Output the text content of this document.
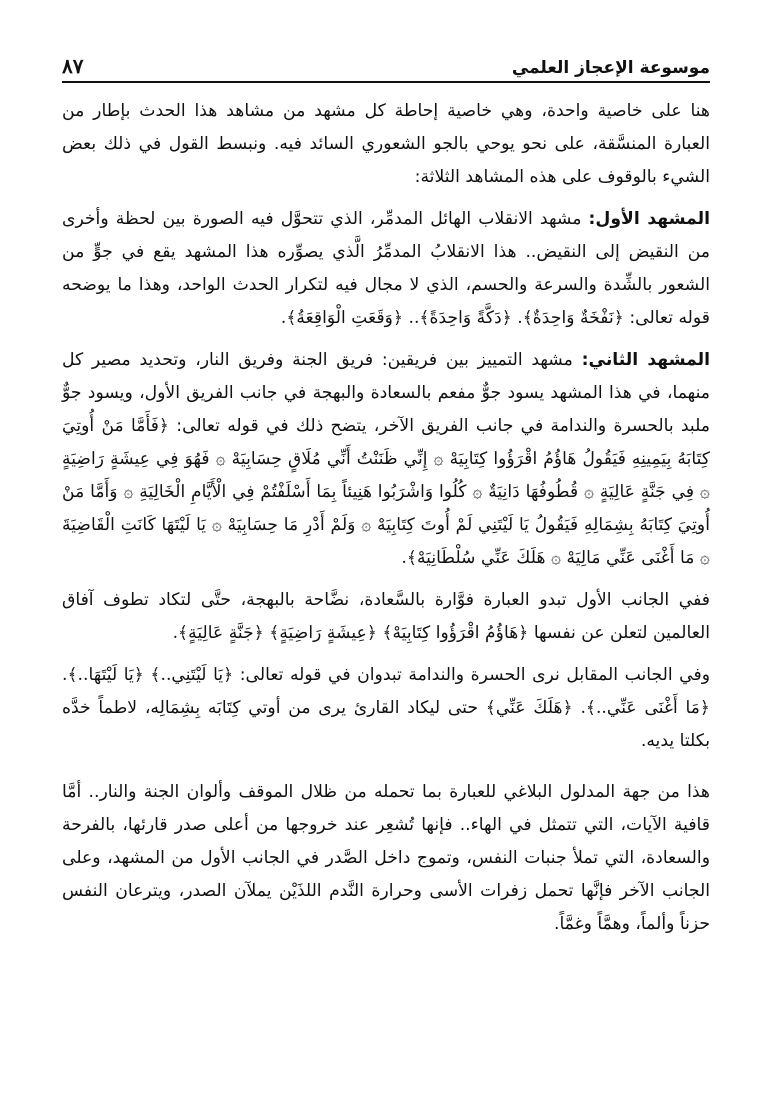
موسوعة الإعجاز العلمي
٨٧

هنا على خاصية واحدة، وهي خاصية إحاطة كل مشهد من مشاهد هذا الحدث بإطار من العبارة المنسَّقة، على نحو يوحي بالجو الشعوري السائد فيه. ونبسط القول في ذلك بعض الشيء بالوقوف على هذه المشاهد الثلاثة:

المشهد الأول: مشهد الانقلاب الهائل المدمِّر، الذي تتحوَّل فيه الصورة بين لحظة وأخرى من النقيض إلى النقيض.. هذا الانقلابُ المدمِّرُ الَّذي يصوِّره هذا المشهد يقع في جوٍّ من الشعور بالشِّدة والسرعة والحسم، الذي لا مجال فيه لتكرار الحدث الواحد، وهذا ما يوضحه قوله تعالى: ﴿نَفْخَةٌ وَاحِدَةٌ﴾. ﴿دَكَّةً وَاحِدَةً﴾.. ﴿وَقَعَتِ الْوَاقِعَةُ﴾.

المشهد الثاني: مشهد التمييز بين فريقين: فريق الجنة وفريق النار، وتحديد مصير كل منهما، في هذا المشهد يسود جوٌّ مفعم بالسعادة والبهجة في جانب الفريق الأول، ويسود جوٌّ ملبد بالحسرة والندامة في جانب الفريق الآخر، يتضح ذلك في قوله تعالى: ﴿فَأَمَّا مَنْ أُوتِيَ كِتَابَهُ بِيَمِينِهِ فَيَقُولُ هَاؤُمُ اقْرَؤُوا كِتَابِيَهْ ۞ إِنِّي ظَنَنْتُ أَنِّي مُلَاقٍ حِسَابِيَهْ ۞ فَهُوَ فِي عِيشَةٍ رَاضِيَةٍ ۞ فِي جَنَّةٍ عَالِيَةٍ ۞ قُطُوفُهَا دَانِيَةٌ ۞ كُلُوا وَاشْرَبُوا هَنِيئاً بِمَا أَسْلَفْتُمْ فِي الْأَيَّامِ الْخَالِيَةِ ۞ وَأَمَّا مَنْ أُوتِيَ كِتَابَهُ بِشِمَالِهِ فَيَقُولُ يَا لَيْتَنِي لَمْ أُوتَ كِتَابِيَهْ ۞ وَلَمْ أَدْرِ مَا حِسَابِيَهْ ۞ يَا لَيْتَهَا كَانَتِ الْقَاضِيَةَ ۞ مَا أَغْنَى عَنِّي مَالِيَهْ ۞ هَلَكَ عَنِّي سُلْطَانِيَهْ﴾.

ففي الجانب الأول تبدو العبارة فوَّارة بالسَّعادة، نضَّاحة بالبهجة، حتَّى لتكاد تطوف آفاق العالمين لتعلن عن نفسها ﴿هَاؤُمُ اقْرَؤُوا كِتَابِيَهْ﴾ ﴿عِيشَةٍ رَاضِيَةٍ﴾ ﴿جَنَّةٍ عَالِيَةٍ﴾.

وفي الجانب المقابل نرى الحسرة والندامة تبدوان في قوله تعالى: ﴿يَا لَيْتَنِي..﴾ ﴿يَا لَيْتَهَا..﴾. ﴿مَا أَغْنَى عَنِّي..﴾. ﴿هَلَكَ عَنِّي﴾ حتى ليكاد القارئ يرى من أوتي كِتَابَه بِشِمَالِه، لاطماً خدَّه بكلتا يديه.

هذا من جهة المدلول البلاغي للعبارة بما تحمله من ظلال الموقف وألوان الجنة والنار.. أمَّا قافية الآيات، التي تتمثل في الهاء.. فإنها تُشعِر عند خروجها من أعلى صدر قارئها، بالفرحة والسعادة، التي تملأ جنبات النفس، وتموج داخل الصَّدر في الجانب الأول من المشهد، وعلى الجانب الآخر فإنَّها تحمل زفرات الأسى وحرارة النَّدم اللذَيْن يملآن الصدر، ويترعان النفس حزناً وألماً، وهمَّاً وغمَّاً.
